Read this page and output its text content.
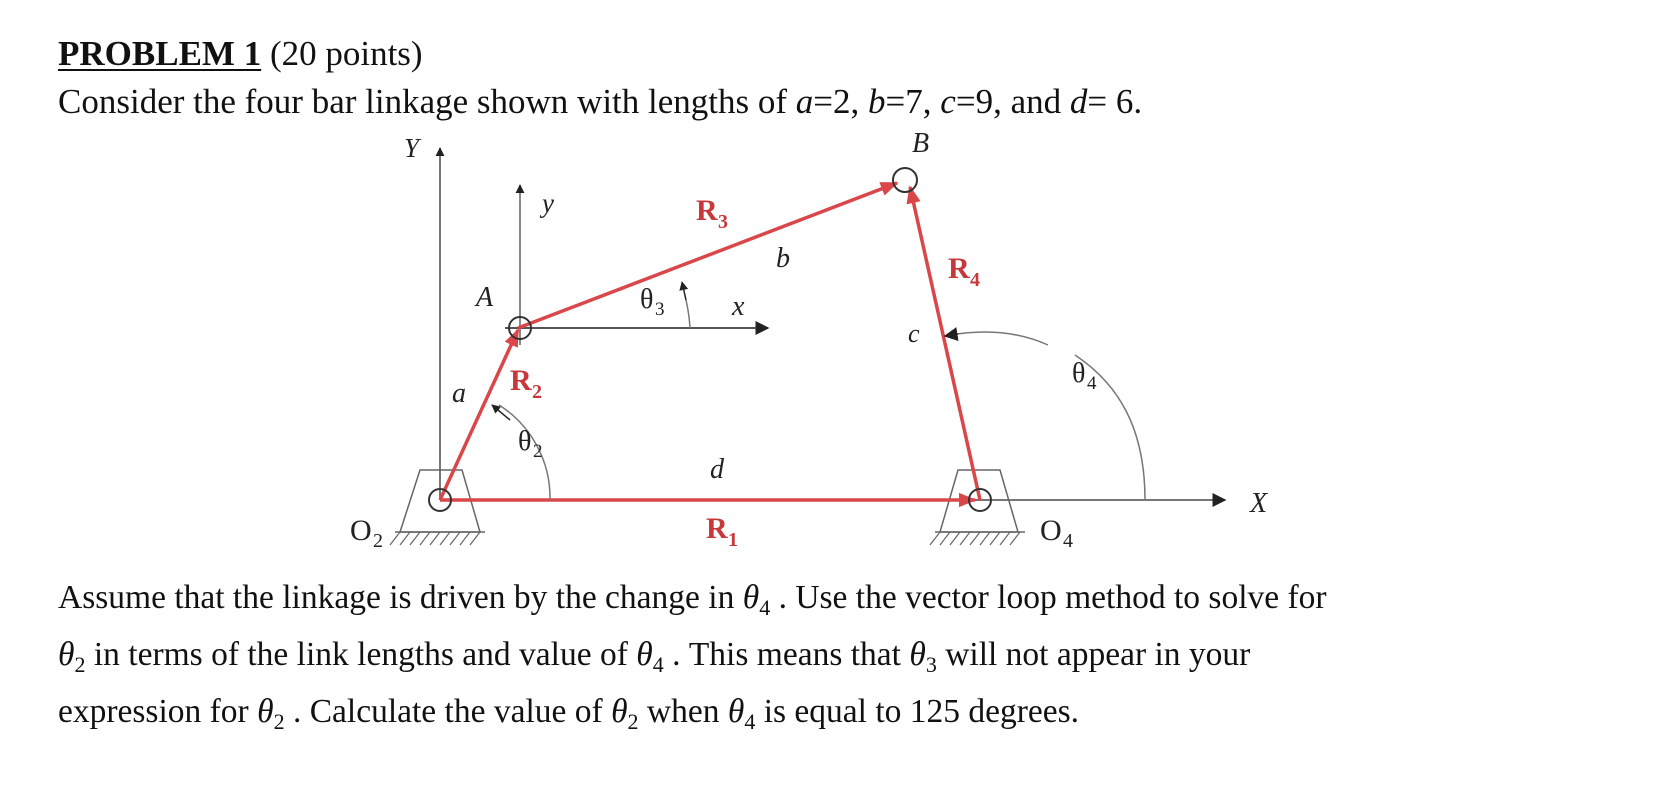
PROBLEM 1 (20 points)
Consider the four bar linkage shown with lengths of a=2, b=7, c=9, and d= 6.
Y
y
B
A	x
b
c
a
d
X
O 2	O 4
R 1
R 2
R 3
R 4
θ 2
θ 3
θ 4
Assume that the linkage is driven by the change in $\theta_4$ . Use the vector loop method to solve for
$\theta_2$ in terms of the link lengths and value of $\theta_4$ . This means that $\theta_3$ will not appear in your
expression for $\theta_2$ . Calculate the value of $\theta_2$ when $\theta_4$ is equal to 125 degrees.
